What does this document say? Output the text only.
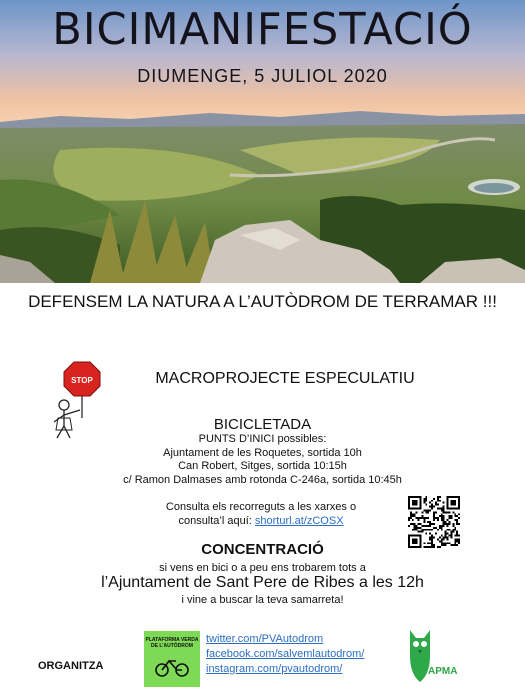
BICIMANIFESTACIÓ
DIUMENGE, 5 JULIOL 2020
DEFENSEM LA NATURA A L’AUTÒDROM DE TERRAMAR !!!
STOP	MACROPROJECTE ESPECULATIU
BICICLETADA
PUNTS D’INICI possibles:
Ajuntament de les Roquetes, sortida 10h
Can Robert, Sitges, sortida 10:15h
c/ Ramon Dalmases amb rotonda C-246a, sortida 10:45h
Consulta els recorreguts a les xarxes o
consulta’l aquí: shorturl.at/zCOSX
CONCENTRACIÓ
si vens en bici o a peu ens trobarem tots a
l’Ajuntament de Sant Pere de Ribes a les 12h
i vine a buscar la teva samarreta!
ORGANITZA
PLATAFORMA VERDA DE L’AUTÒDROM
twitter.com/PVAutodrom
facebook.com/salvemlautodrom/
instagram.com/pvautodrom/	APMA
